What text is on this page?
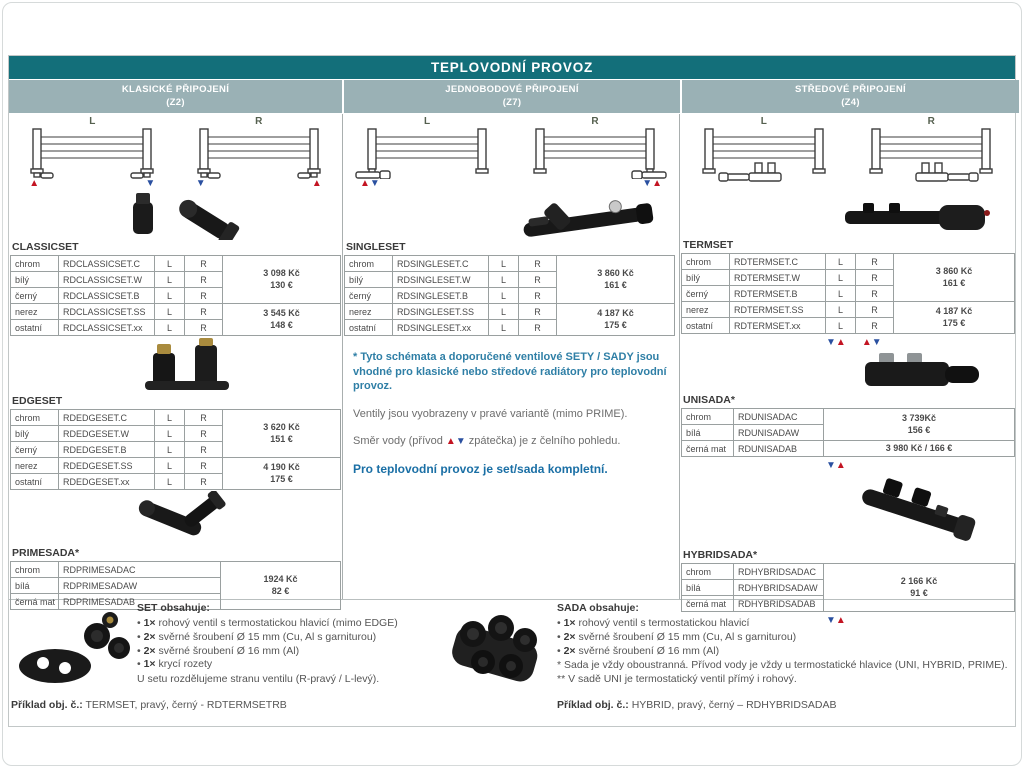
TEPLOVODNÍ PROVOZ
KLASICKÉ PŘIPOJENÍ
(Z2)
JEDNOBODOVÉ PŘIPOJENÍ
(Z7)
STŘEDOVÉ PŘIPOJENÍ
(Z4)
L
▲	▼
R
▼	▲
CLASSICSET
chrom	RDCLASSICSET.C	L	R	3 098 Kč
130 €

bílý	RDCLASSICSET.W	L	R	
černý	RDCLASSICSET.B	L	R	
nerez	RDCLASSICSET.SS	L	R	3 545 Kč
148 €

ostatní	RDCLASSICSET.xx	L	R	
EDGESET
chrom	RDEDGESET.C	L	R	3 620 Kč
151 €

bílý	RDEDGESET.W	L	R	
černý	RDEDGESET.B	L	R	
nerez	RDEDGESET.SS	L	R	4 190 Kč
175 €

ostatní	RDEDGESET.xx	L	R	
PRIMESADA*
chrom	RDPRIMESADAC	1924 Kč
82 €

bílá	RDPRIMESADAW	
černá mat	RDPRIMESADAB	
L
▲ ▼
R
▼ ▲
SINGLESET
chrom	RDSINGLESET.C	L	R	3 860 Kč
161 €

bílý	RDSINGLESET.W	L	R	
černý	RDSINGLESET.B	L	R	
nerez	RDSINGLESET.SS	L	R	4 187 Kč
175 €

ostatní	RDSINGLESET.xx	L	R	

* Tyto schémata a doporučené ventilové SETY / SADY jsou vhodné pro klasické nebo středové radiátory pro teplovodní provoz.

Ventily jsou vyobrazeny v pravé variantě (mimo PRIME).

Směr vody (přívod ▲▼ zpátečka) je z čelního pohledu.

Pro teplovodní provoz je set/sada kompletní.

L	R
TERMSET
chrom	RDTERMSET.C	L	R	3 860 Kč
161 €

bílý	RDTERMSET.W	L	R	
černý	RDTERMSET.B	L	R	
nerez	RDTERMSET.SS	L	R	4 187 Kč
175 €

ostatní	RDTERMSET.xx	L	R	
▼▲ ▲▼
UNISADA*
chrom	RDUNISADAC	3 739Kč
156 €

bílá	RDUNISADAW	
černá mat	RDUNISADAB	3 980 Kč / 166 €
▼▲
HYBRIDSADA*
chrom	RDHYBRIDSADAC	2 166 Kč
91 €

bílá	RDHYBRIDSADAW	
černá mat	RDHYBRIDSADAB	
▼▲
SET obsahuje:
• 1× rohový ventil s termostatickou hlavicí (mimo EDGE)
• 2× svěrné šroubení Ø 15 mm (Cu, Al s garniturou)
• 2× svěrné šroubení Ø 16 mm (Al)
• 1× krycí rozety
U setu rozdělujeme stranu ventilu (R-pravý / L-levý).
Příklad obj. č.: TERMSET, pravý, černý - RDTERMSETRB
SADA obsahuje:
• 1× rohový ventil s termostatickou hlavicí
• 2× svěrné šroubení Ø 15 mm (Cu, Al s garniturou)
• 2× svěrné šroubení Ø 16 mm (Al)
* Sada je vždy oboustranná. Přívod vody je vždy u termostatické hlavice (UNI, HYBRID, PRIME).
** V sadě UNI je termostatický ventil přímý i rohový.
Příklad obj. č.: HYBRID, pravý, černý – RDHYBRIDSADAB
